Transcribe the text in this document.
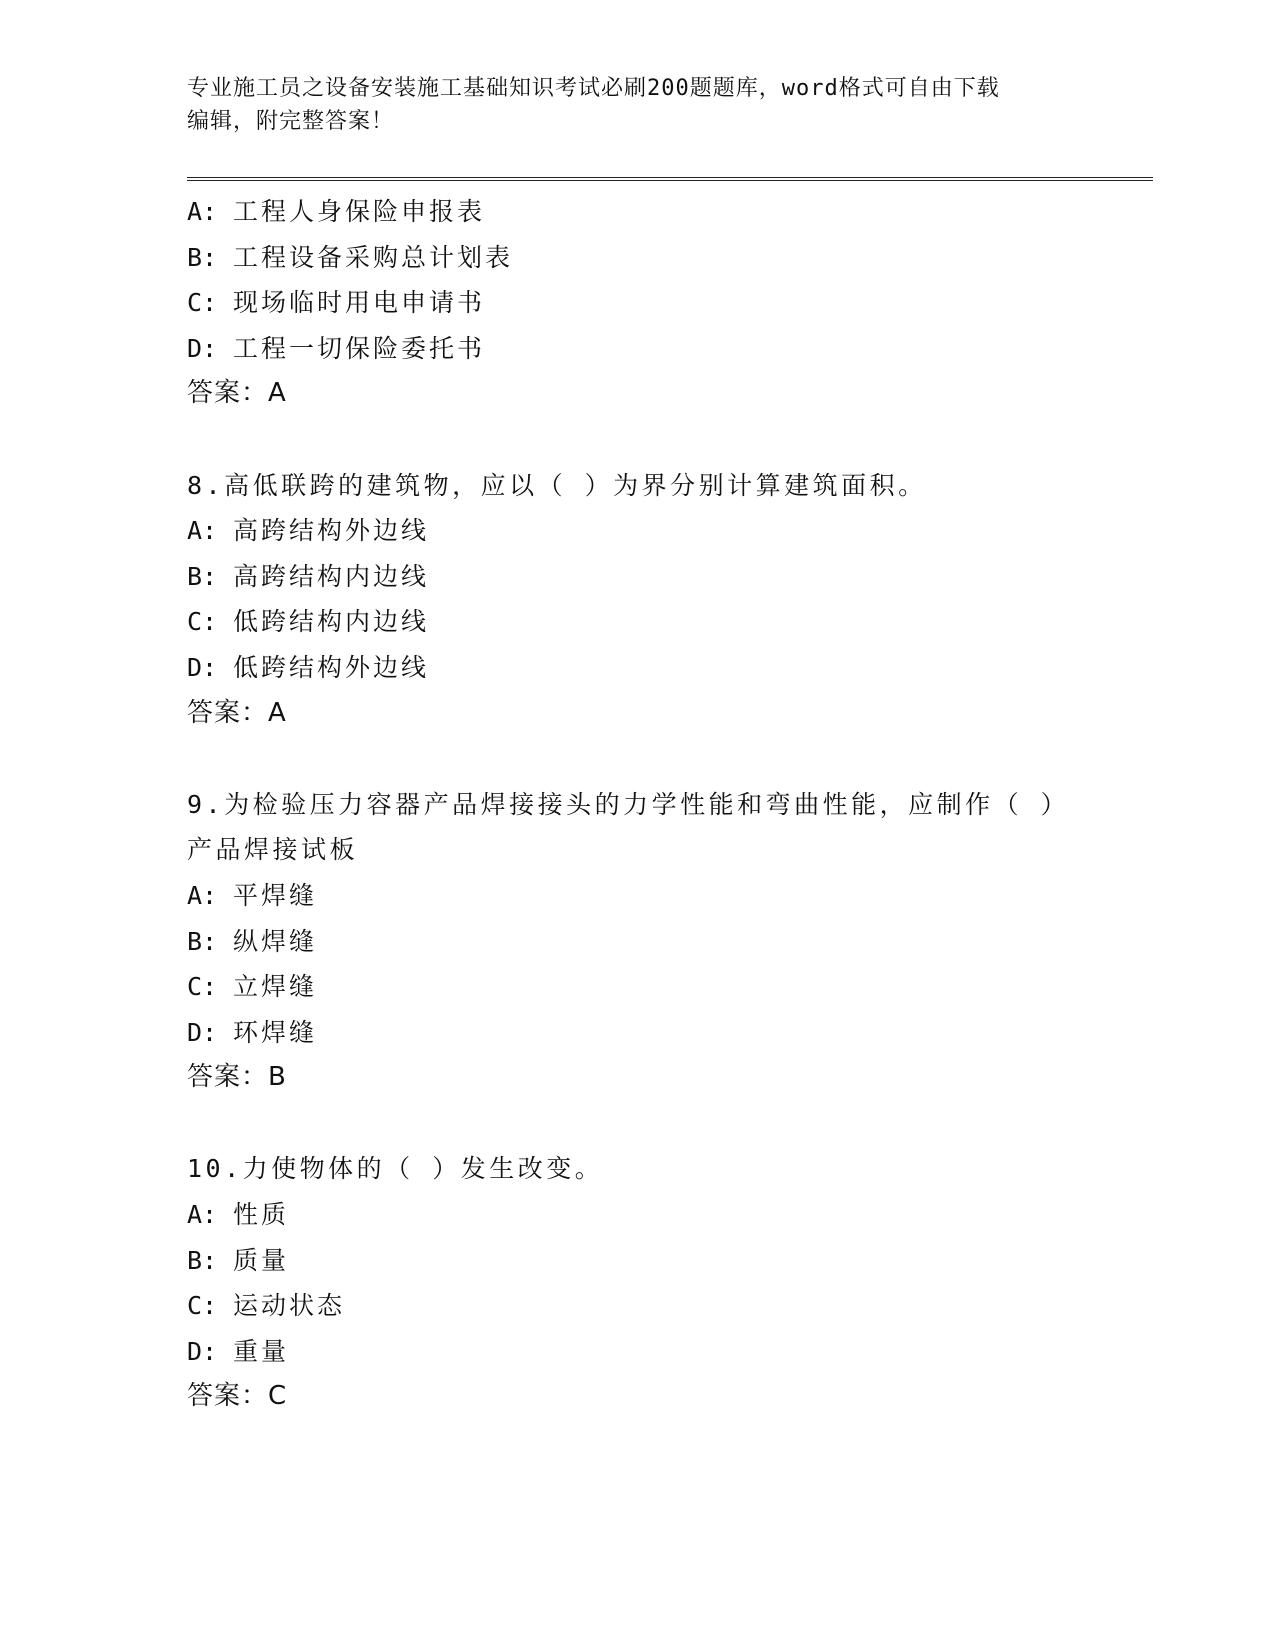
专业施工员之设备安装施工基础知识考试必刷200题题库，word格式可自由下载
编辑，附完整答案！
A: 工程人身保险申报表
B: 工程设备采购总计划表
C: 现场临时用电申请书
D: 工程一切保险委托书
答案：A
8.高低联跨的建筑物，应以（ ）为界分别计算建筑面积。
A: 高跨结构外边线
B: 高跨结构内边线
C: 低跨结构内边线
D: 低跨结构外边线
答案：A
9.为检验压力容器产品焊接接头的力学性能和弯曲性能，应制作（ ）
产品焊接试板
A: 平焊缝
B: 纵焊缝
C: 立焊缝
D: 环焊缝
答案：B
10.力使物体的（ ）发生改变。
A: 性质
B: 质量
C: 运动状态
D: 重量
答案：C
